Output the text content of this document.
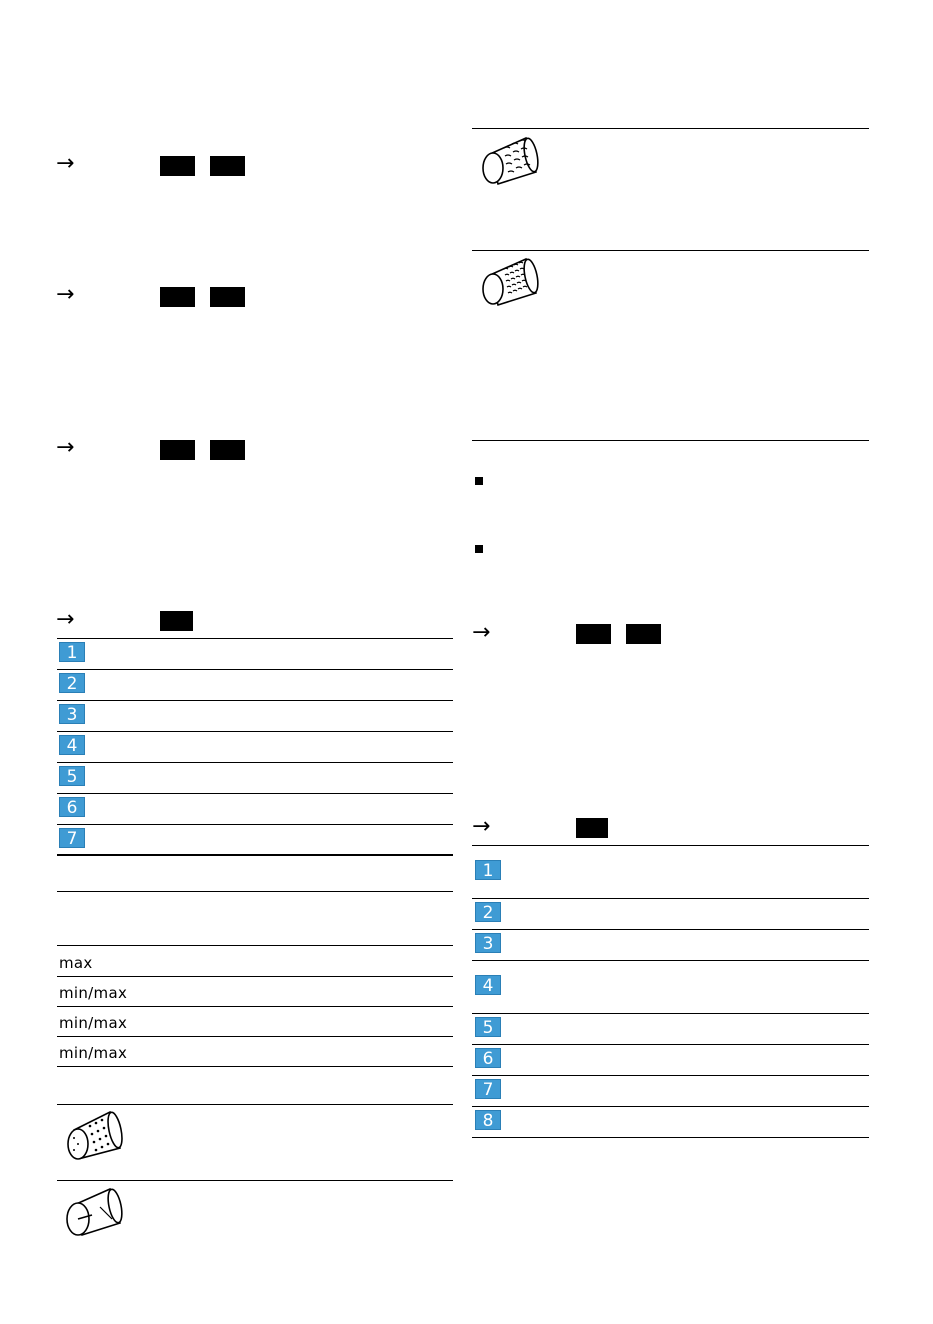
→
→
→
→
1
2
3
4
5
6
7
max
min/max
min/max
min/max
→
→
1
2
3
4
5
6
7
8
